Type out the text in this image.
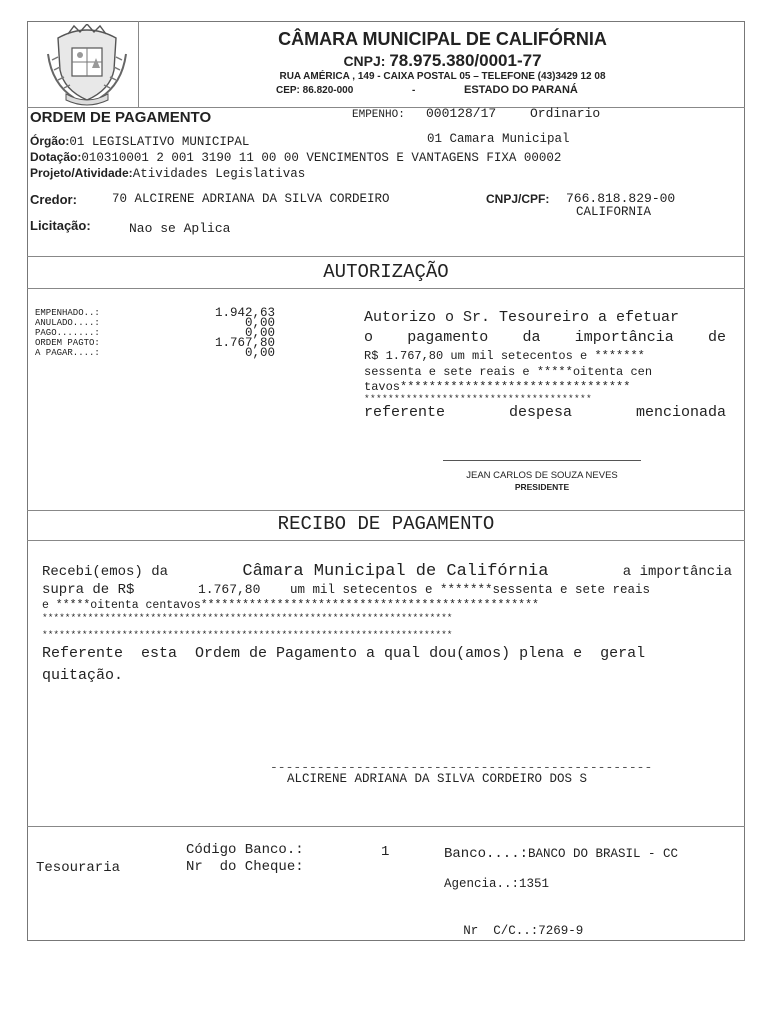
CÂMARA MUNICIPAL DE CALIFÓRNIA
CNPJ: 78.975.380/0001-77
RUA AMÉRICA , 149 - CAIXA POSTAL 05 – TELEFONE (43)3429 12 08
CEP: 86.820-000	-	ESTADO DO PARANÁ
ORDEM DE PAGAMENTO	EMPENHO: 000128/17	Ordinario
Órgão:01 LEGISLATIVO MUNICIPAL	01 Camara Municipal
Dotação:010310001 2 001 3190 11 00 00 VENCIMENTOS E VANTAGENS FIXA 00002
Projeto/Atividade:Atividades Legislativas
Credor:	70 ALCIRENE ADRIANA DA SILVA CORDEIRO	CNPJ/CPF: 766.818.829-00
CALIFORNIA
Licitação:	Nao se Aplica
AUTORIZAÇÃO
EMPENHADO..:	1.942,63
ANULADO....:	0,00
PAGO.......:	0,00
ORDEM PAGTO:	1.767,80
A PAGAR....:	0,00
Autorizo o Sr. Tesoureiro a efetuar
o pagamento da importância de
R$ 1.767,80 um mil setecentos e *******
sessenta e sete reais e *****oitenta cen
tavos********************************
**************************************
referente	despesa	mencionada
JEAN CARLOS DE SOUZA NEVES
PRESIDENTE
RECIBO DE PAGAMENTO
Recebi(emos) da	Câmara Municipal de Califórnia	a importância
supra de R$	1.767,80	um mil setecentos e *******sessenta e sete reais
e *****oitenta centavos*************************************************
************************************************************************
************************************************************************
Referente  esta  Ordem de Pagamento a qual dou(amos) plena e  geral
quitação.
-------------------------------------------------
ALCIRENE ADRIANA DA SILVA CORDEIRO DOS S
Tesouraria
Código Banco.:	1
Nr  do Cheque:
Banco....:BANCO DO BRASIL - CC
Agencia..:1351

Nr  C/C..:7269-9
